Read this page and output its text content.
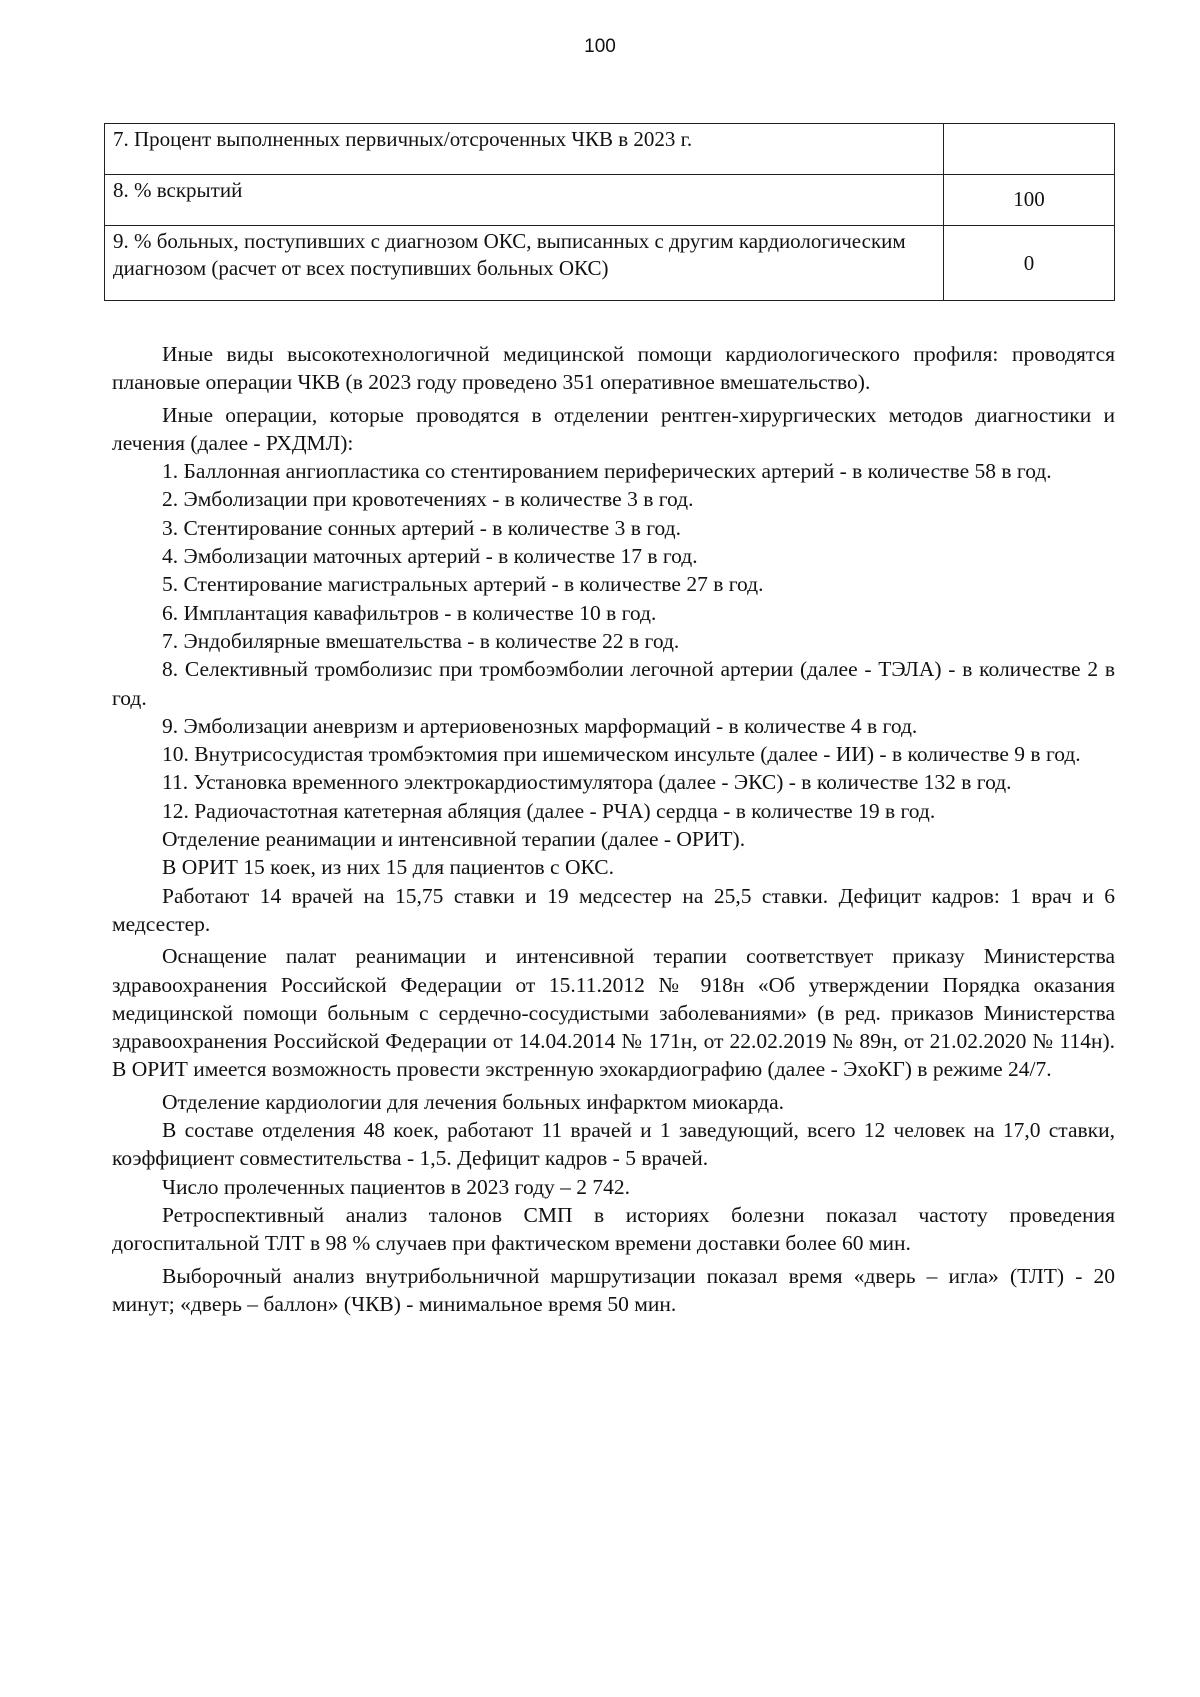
100
7. Процент выполненных первичных/отсроченных ЧКВ в 2023 г.	
8. % вскрытий	100
9. % больных, поступивших с диагнозом ОКС, выписанных с другим кардиологическим диагнозом (расчет от всех поступивших больных ОКС)	0

Иные виды высокотехнологичной медицинской помощи кардиологического профиля: проводятся плановые операции ЧКВ (в 2023 году проведено 351 оперативное вмешательство).

Иные операции, которые проводятся в отделении рентген-хирургических методов диагностики и лечения (далее - РХДМЛ):

1. Баллонная ангиопластика со стентированием периферических артерий - в количестве 58 в год.

2. Эмболизации при кровотечениях - в количестве 3 в год.

3. Стентирование сонных артерий - в количестве 3 в год.

4. Эмболизации маточных артерий - в количестве 17 в год.

5. Стентирование магистральных артерий - в количестве 27 в год.

6. Имплантация кавафильтров - в количестве 10 в год.

7. Эндобилярные вмешательства - в количестве 22 в год.

8. Селективный тромболизис при тромбоэмболии легочной артерии (далее - ТЭЛА) - в количестве 2 в год.

9. Эмболизации аневризм и артериовенозных марформаций - в количестве 4 в год.

10. Внутрисосудистая тромбэктомия при ишемическом инсульте (далее - ИИ) - в количестве 9 в год.

11. Установка временного электрокардиостимулятора (далее - ЭКС) - в количестве 132 в год.

12. Радиочастотная катетерная абляция (далее - РЧА) сердца - в количестве 19 в год.

Отделение реанимации и интенсивной терапии (далее - ОРИТ).

В ОРИТ 15 коек, из них 15 для пациентов с ОКС.

Работают 14 врачей на 15,75 ставки и 19 медсестер на 25,5 ставки. Дефицит кадров: 1 врач и 6 медсестер.

Оснащение палат реанимации и интенсивной терапии соответствует приказу Министерства здравоохранения Российской Федерации от 15.11.2012 № 918н «Об утверждении Порядка оказания медицинской помощи больным с сердечно-сосудистыми заболеваниями» (в ред. приказов Министерства здравоохранения Российской Федерации от 14.04.2014 № 171н, от 22.02.2019 № 89н, от 21.02.2020 № 114н). В ОРИТ имеется возможность провести экстренную эхокардиографию (далее - ЭхоКГ) в режиме 24/7.

Отделение кардиологии для лечения больных инфарктом миокарда.

В составе отделения 48 коек, работают 11 врачей и 1 заведующий, всего 12 человек на 17,0 ставки, коэффициент совместительства - 1,5. Дефицит кадров - 5 врачей.

Число пролеченных пациентов в 2023 году – 2 742.

Ретроспективный анализ талонов СМП в историях болезни показал частоту проведения догоспитальной ТЛТ в 98 % случаев при фактическом времени доставки более 60 мин.

Выборочный анализ внутрибольничной маршрутизации показал время «дверь – игла» (ТЛТ) - 20 минут; «дверь – баллон» (ЧКВ) - минимальное время 50 мин.
